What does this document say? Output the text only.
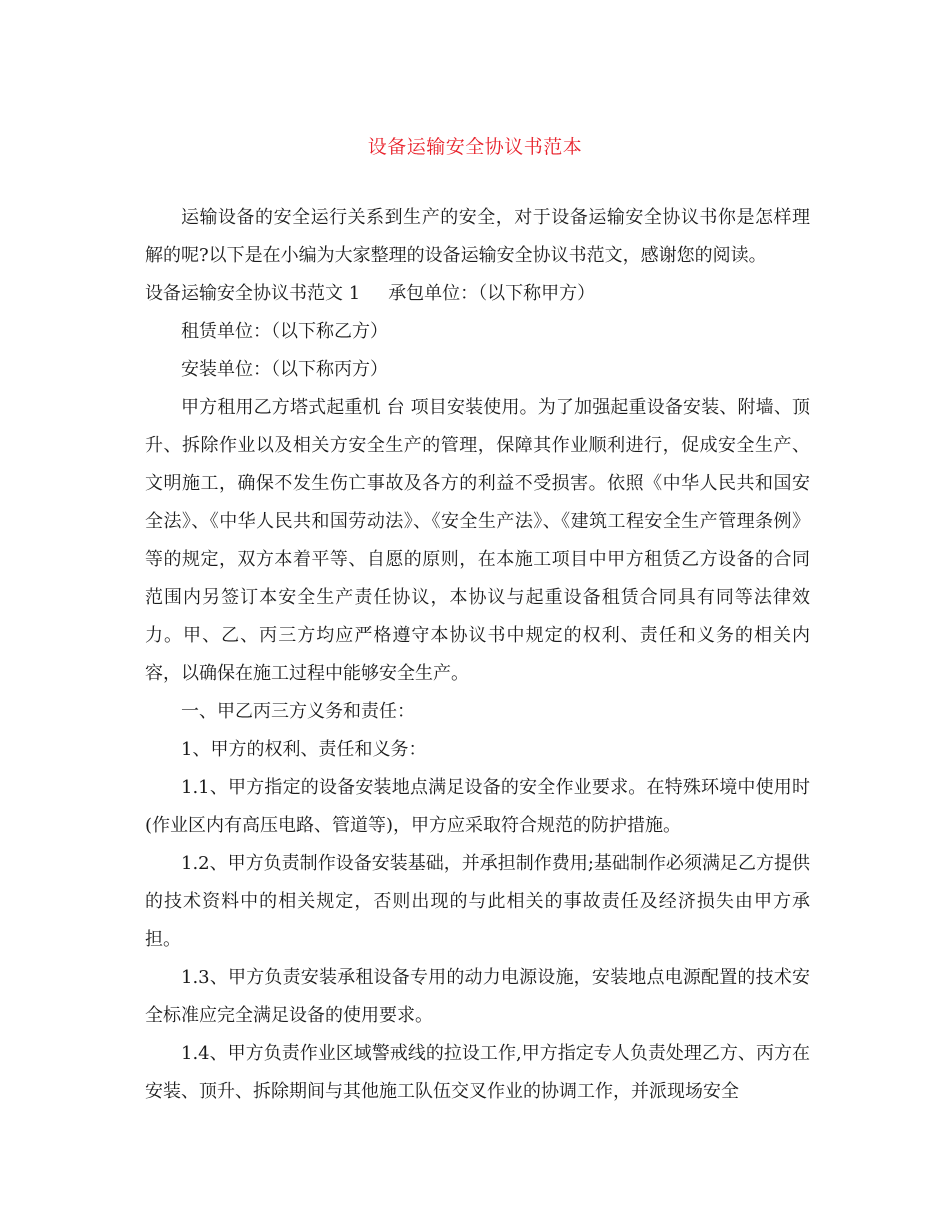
设备运输安全协议书范本

运输设备的安全运行关系到生产的安全，对于设备运输安全协议书你是怎样理解的呢?以下是在小编为大家整理的设备运输安全协议书范文，感谢您的阅读。

设备运输安全协议书范文 1 承包单位：（以下称甲方）

租赁单位：（以下称乙方）

安装单位：（以下称丙方）

甲方租用乙方塔式起重机 台 项目安装使用。为了加强起重设备安装、附墙、顶升、拆除作业以及相关方安全生产的管理，保障其作业顺利进行，促成安全生产、文明施工，确保不发生伤亡事故及各方的利益不受损害。依照《中华人民共和国安全法》、《中华人民共和国劳动法》、《安全生产法》、《建筑工程安全生产管理条例》等的规定，双方本着平等、自愿的原则，在本施工项目中甲方租赁乙方设备的合同范围内另签订本安全生产责任协议，本协议与起重设备租赁合同具有同等法律效力。甲、乙、丙三方均应严格遵守本协议书中规定的权利、责任和义务的相关内容，以确保在施工过程中能够安全生产。

一、甲乙丙三方义务和责任：

1、甲方的权利、责任和义务：

1.1、甲方指定的设备安装地点满足设备的安全作业要求。在特殊环境中使用时(作业区内有高压电路、管道等)，甲方应采取符合规范的防护措施。

1.2、甲方负责制作设备安装基础，并承担制作费用;基础制作必须满足乙方提供的技术资料中的相关规定，否则出现的与此相关的事故责任及经济损失由甲方承担。

1.3、甲方负责安装承租设备专用的动力电源设施，安装地点电源配置的技术安全标准应完全满足设备的使用要求。

1.4、甲方负责作业区域警戒线的拉设工作,甲方指定专人负责处理乙方、丙方在安装、顶升、拆除期间与其他施工队伍交叉作业的协调工作，并派现场安全
